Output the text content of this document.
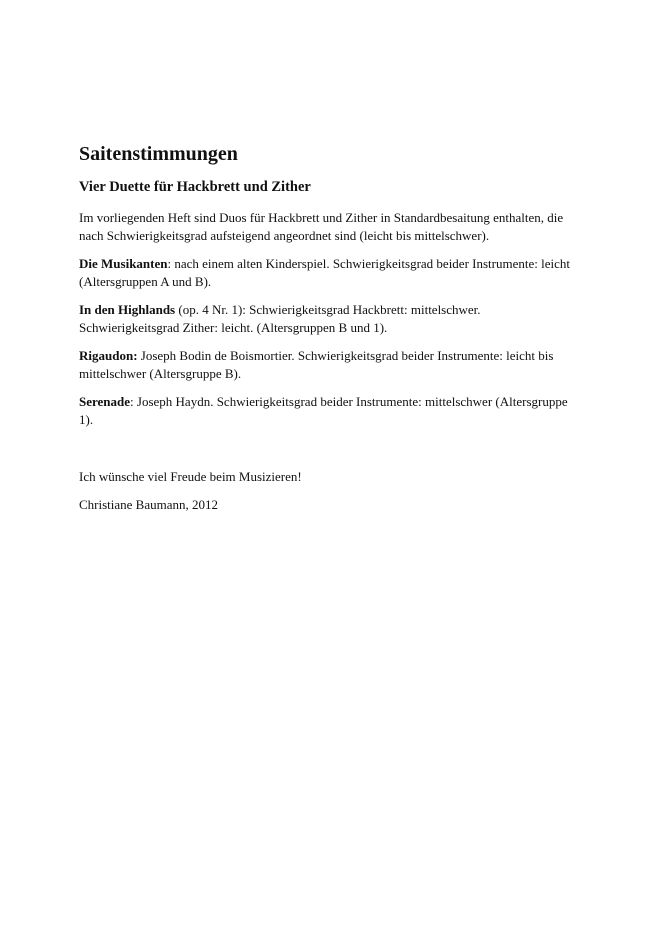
Saitenstimmungen
Vier Duette für Hackbrett und Zither

Im vorliegenden Heft sind Duos für Hackbrett und Zither in Standardbesaitung enthalten, die nach Schwierigkeitsgrad aufsteigend angeordnet sind (leicht bis mittelschwer).

Die Musikanten: nach einem alten Kinderspiel. Schwierigkeitsgrad beider Instrumente: leicht (Altersgruppen A und B).

In den Highlands (op. 4 Nr. 1): Schwierigkeitsgrad Hackbrett: mittelschwer. Schwierigkeitsgrad Zither: leicht. (Altersgruppen B und 1).

Rigaudon: Joseph Bodin de Boismortier. Schwierigkeitsgrad beider Instrumente: leicht bis mittelschwer (Altersgruppe B).

Serenade: Joseph Haydn. Schwierigkeitsgrad beider Instrumente: mittelschwer (Altersgruppe 1).

Ich wünsche viel Freude beim Musizieren!

Christiane Baumann, 2012
